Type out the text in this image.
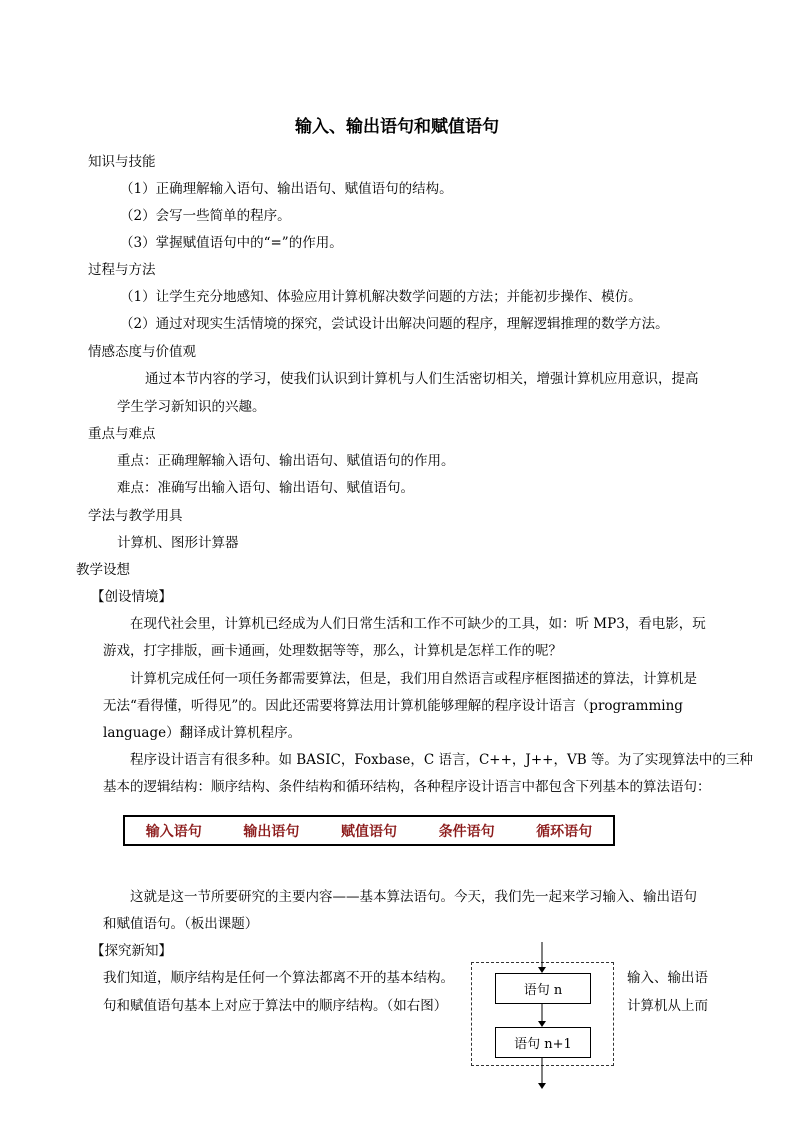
输入、输出语句和赋值语句
知识与技能
（1）正确理解输入语句、输出语句、赋值语句的结构。
（2）会写一些简单的程序。
（3）掌握赋值语句中的“=”的作用。
过程与方法
（1）让学生充分地感知、体验应用计算机解决数学问题的方法；并能初步操作、模仿。
（2）通过对现实生活情境的探究，尝试设计出解决问题的程序，理解逻辑推理的数学方法。
情感态度与价值观
通过本节内容的学习，使我们认识到计算机与人们生活密切相关，增强计算机应用意识，提高
学生学习新知识的兴趣。
重点与难点
重点：正确理解输入语句、输出语句、赋值语句的作用。
难点：准确写出输入语句、输出语句、赋值语句。
学法与教学用具
计算机、图形计算器
教学设想
【创设情境】
在现代社会里，计算机已经成为人们日常生活和工作不可缺少的工具，如：听 MP3，看电影，玩
游戏，打字排版，画卡通画，处理数据等等，那么，计算机是怎样工作的呢？
计算机完成任何一项任务都需要算法，但是，我们用自然语言或程序框图描述的算法，计算机是
无法“看得懂，听得见”的。因此还需要将算法用计算机能够理解的程序设计语言（programming
language）翻译成计算机程序。
程序设计语言有很多种。如 BASIC，Foxbase，C 语言，C++，J++，VB 等。为了实现算法中的三种
基本的逻辑结构：顺序结构、条件结构和循环结构，各种程序设计语言中都包含下列基本的算法语句：
输入语句	输出语句	赋值语句	条件语句	循环语句
这就是这一节所要研究的主要内容——基本算法语句。今天，我们先一起来学习输入、输出语句
和赋值语句。（板出课题）
【探究新知】
我们知道，顺序结构是任何一个算法都离不开的基本结构。
句和赋值语句基本上对应于算法中的顺序结构。（如右图）
输入、输出语
计算机从上而
语句 n
语句 n+1
